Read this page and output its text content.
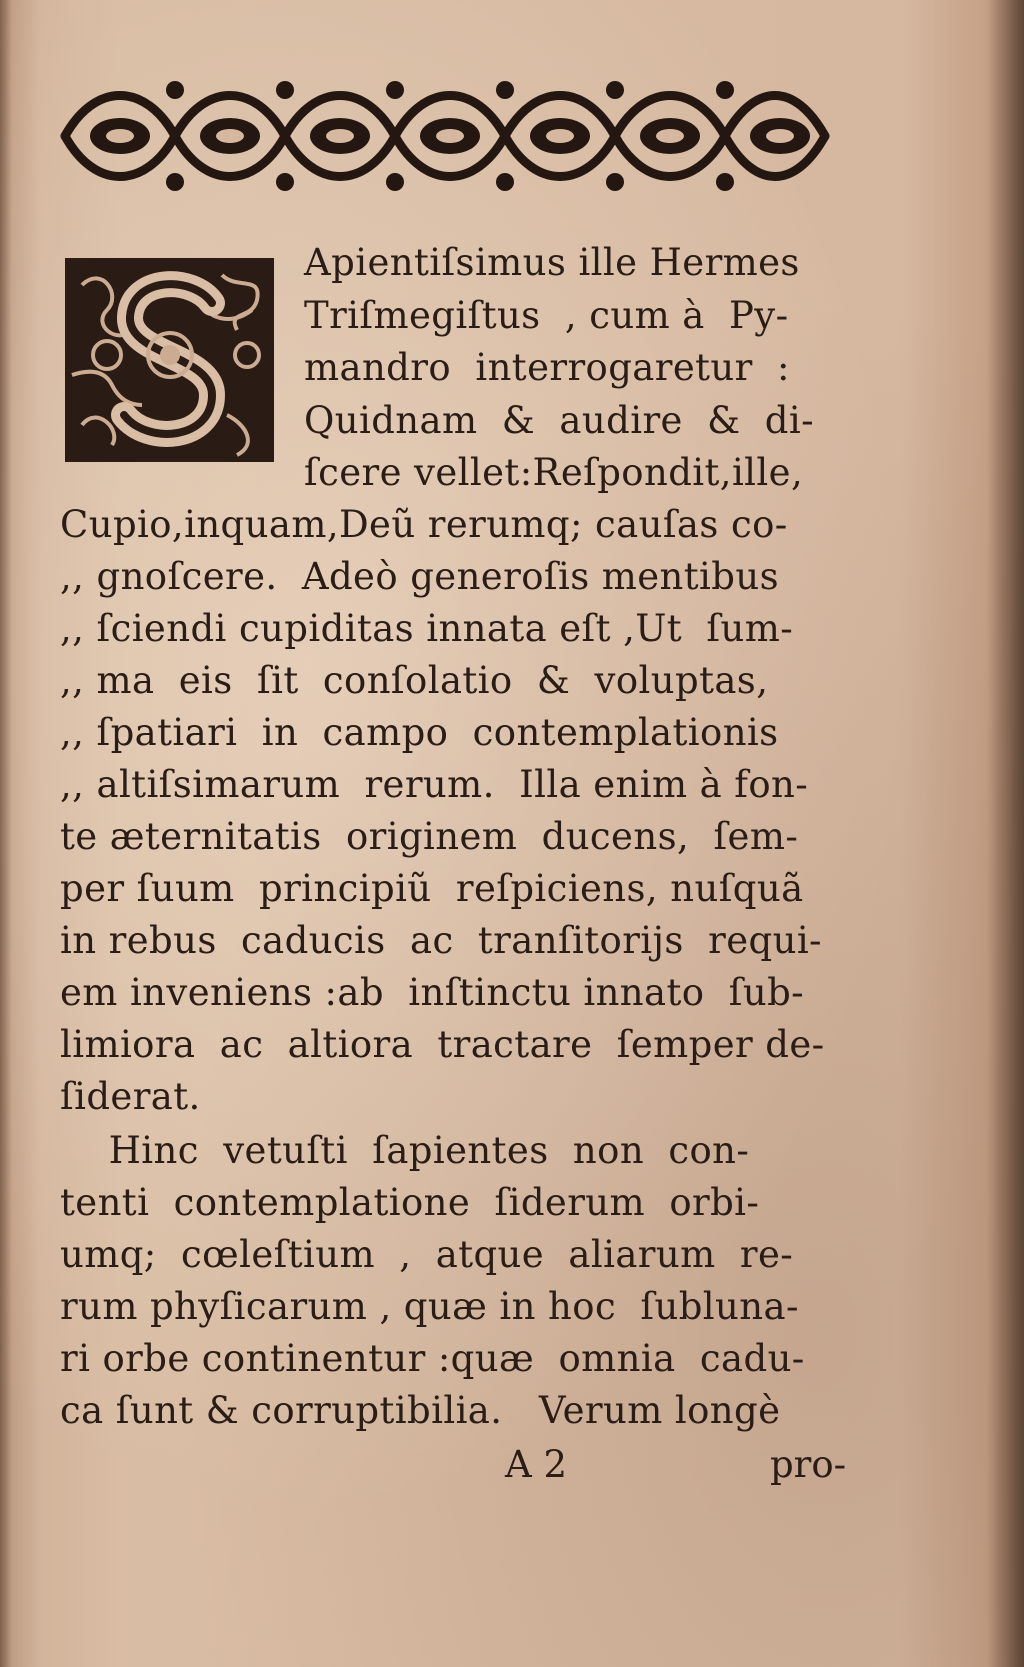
Apientiſsimus ille Hermes

Triſmegiſtus  , cum à  Py-

mandro  interrogaretur  :

Quidnam  &  audire  &  di-

ſcere vellet:Reſpondit,ille,

Cupio,inquam,Deũ rerumq; cauſas co-

,, gnoſcere.  Adeò generoſis mentibus

,, ſciendi cupiditas innata eſt ,Ut  ſum-

,, ma  eis  ſit  conſolatio  &  voluptas,

,, ſpatiari  in  campo  contemplationis

,, altiſsimarum  rerum.  Illa enim à fon-

te æternitatis  originem  ducens,  ſem-

per ſuum  principiũ  reſpiciens, nuſquã

in rebus  caducis  ac  tranſitorijs  requi-

em inveniens :ab  inſtinctu innato  ſub-

limiora  ac  altiora  tractare  ſemper de-

ſiderat.

Hinc  vetuſti  ſapientes  non  con-

tenti  contemplatione  ſiderum  orbi-

umq;  cœleſtium  ,  atque  aliarum  re-

rum phyſicarum , quæ in hoc  ſubluna-

ri orbe continentur :quæ  omnia  cadu-

ca ſunt & corruptibilia.   Verum longè

A 2	pro-
